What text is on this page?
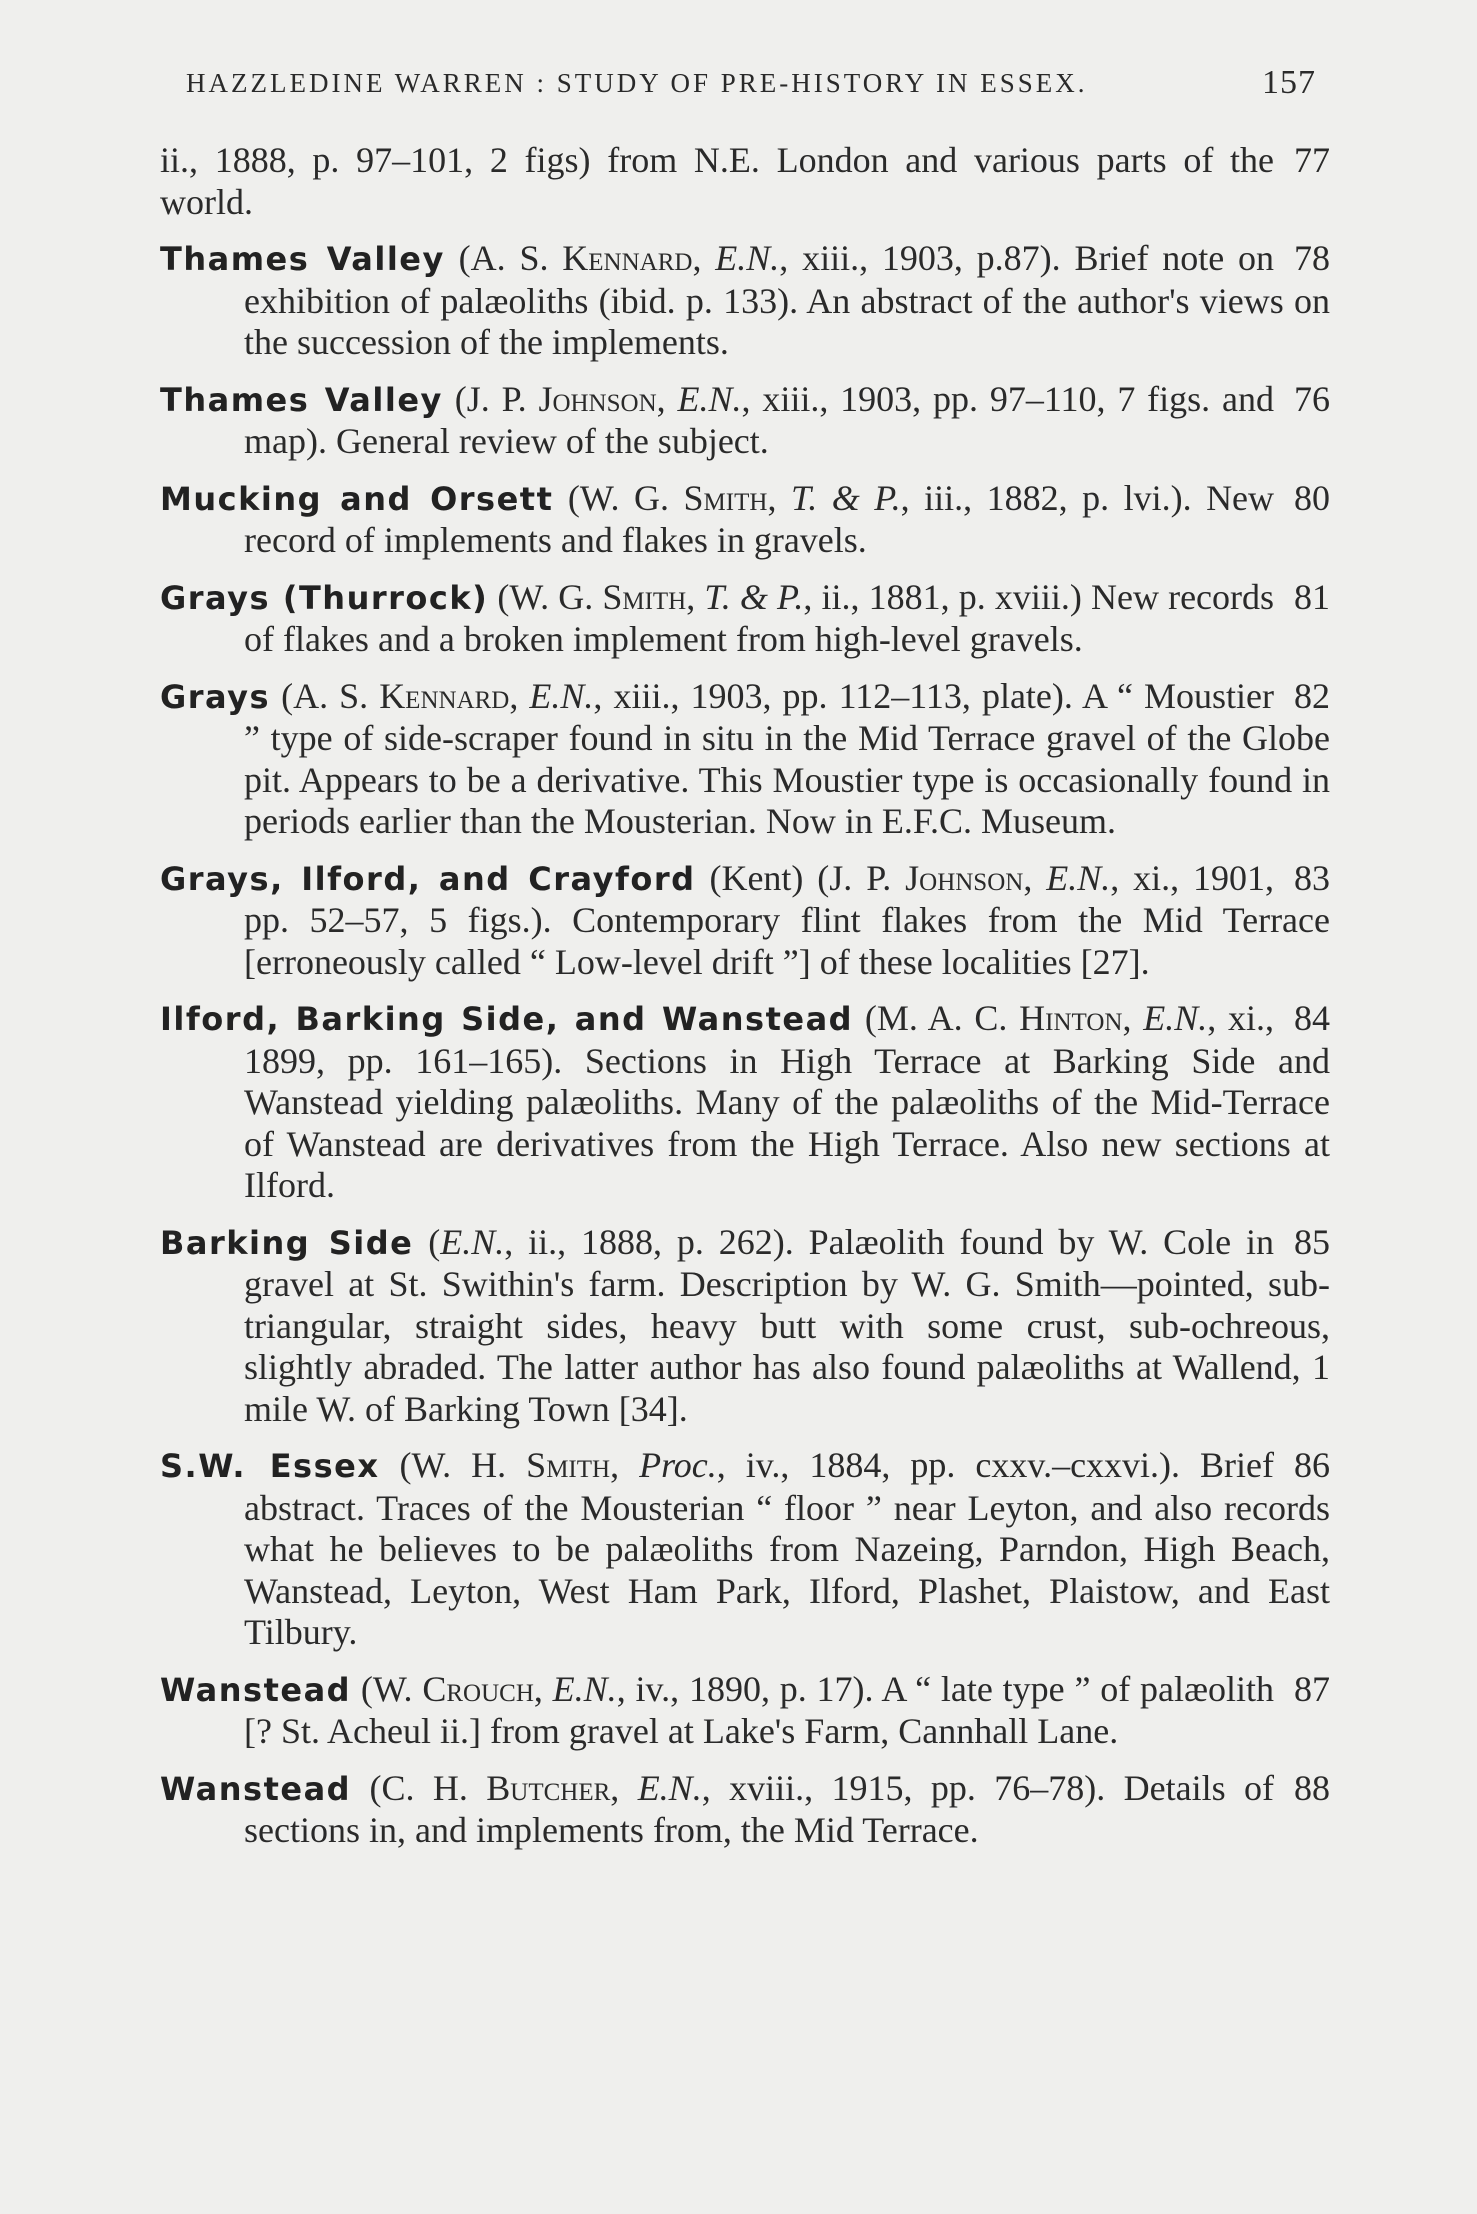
HAZZLEDINE WARREN : STUDY OF PRE-HISTORY IN ESSEX.	157
77
ii., 1888, p. 97–101, 2 figs) from N.E. London and various parts of the world.
78
Thames Valley (A. S. Kennard, E.N., xiii., 1903, p.87). Brief note on exhibition of palæoliths (ibid. p. 133). An abstract of the author's views on the succession of the implements.
76
Thames Valley (J. P. Johnson, E.N., xiii., 1903, pp. 97–110, 7 figs. and map). General review of the subject.
80
Mucking and Orsett (W. G. Smith, T. & P., iii., 1882, p. lvi.). New record of implements and flakes in gravels.
81
Grays (Thurrock) (W. G. Smith, T. & P., ii., 1881, p. xviii.) New records of flakes and a broken implement from high-level gravels.
82
Grays (A. S. Kennard, E.N., xiii., 1903, pp. 112–113, plate). A “ Moustier ” type of side-scraper found in situ in the Mid Terrace gravel of the Globe pit. Appears to be a derivative. This Moustier type is occasionally found in periods earlier than the Mousterian. Now in E.F.C. Museum.
83
Grays, Ilford, and Crayford (Kent) (J. P. Johnson, E.N., xi., 1901, pp. 52–57, 5 figs.). Contemporary flint flakes from the Mid Terrace [erroneously called “ Low-level drift ”] of these localities [27].
84
Ilford, Barking Side, and Wanstead (M. A. C. Hinton, E.N., xi., 1899, pp. 161–165). Sections in High Terrace at Barking Side and Wanstead yielding palæoliths. Many of the palæoliths of the Mid-Terrace of Wanstead are derivatives from the High Terrace. Also new sections at Ilford.
85
Barking Side (E.N., ii., 1888, p. 262). Palæolith found by W. Cole in gravel at St. Swithin's farm. Description by W. G. Smith—pointed, sub-triangular, straight sides, heavy butt with some crust, sub-ochreous, slightly abraded. The latter author has also found palæoliths at Wallend, 1 mile W. of Barking Town [34].
86
S.W. Essex (W. H. Smith, Proc., iv., 1884, pp. cxxv.–cxxvi.). Brief abstract. Traces of the Mousterian “ floor ” near Leyton, and also records what he believes to be palæoliths from Nazeing, Parndon, High Beach, Wanstead, Leyton, West Ham Park, Ilford, Plashet, Plaistow, and East Tilbury.
87
Wanstead (W. Crouch, E.N., iv., 1890, p. 17). A “ late type ” of palæolith [? St. Acheul ii.] from gravel at Lake's Farm, Cannhall Lane.
88
Wanstead (C. H. Butcher, E.N., xviii., 1915, pp. 76–78). Details of sections in, and implements from, the Mid Terrace.
